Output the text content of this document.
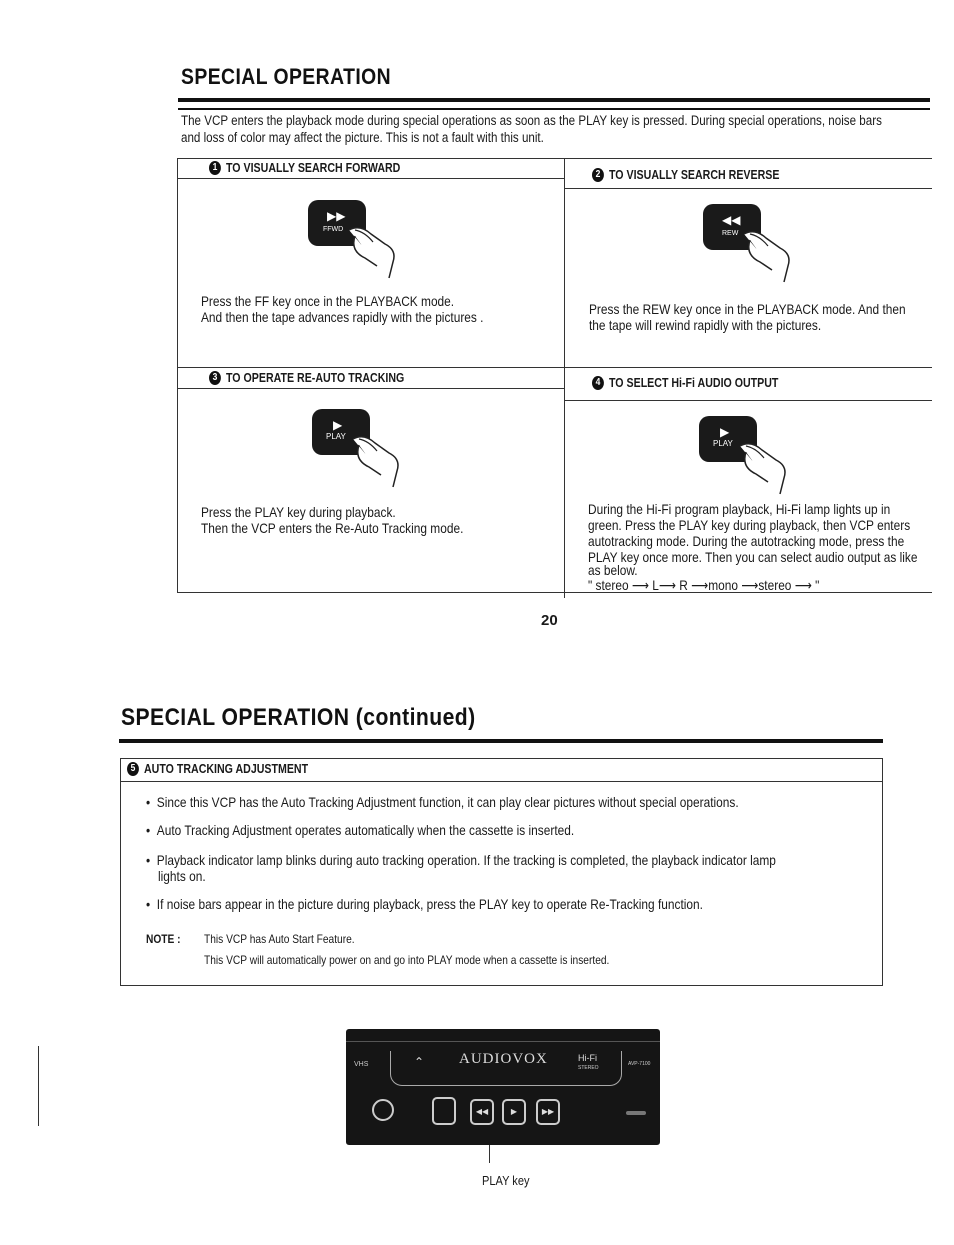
SPECIAL OPERATION
The VCP enters the playback mode during special operations as soon as the PLAY key is pressed. During special operations, noise bars
and loss of color may affect the picture. This is not a fault with this unit.
1 TO VISUALLY SEARCH FORWARD
▶▶
FFWD
Press the FF key once in the PLAYBACK mode.
And then the tape advances rapidly with the pictures .
2 TO VISUALLY SEARCH REVERSE
◀◀
REW
Press the REW key once in the PLAYBACK mode. And then
the tape will rewind rapidly with the pictures.
3 TO OPERATE RE-AUTO TRACKING
▶
PLAY
Press the PLAY key during playback.
Then the VCP enters the Re-Auto Tracking mode.
4 TO SELECT Hi-Fi AUDIO OUTPUT
▶
PLAY
During the Hi-Fi program playback, Hi-Fi lamp lights up in
green. Press the PLAY key during playback, then VCP enters
autotracking mode. During the autotracking mode, press the
PLAY key once more. Then you can select audio output as like
as below.
" stereo ⟶ L⟶ R ⟶mono ⟶stereo ⟶ "
20
SPECIAL OPERATION (continued)
5 AUTO TRACKING ADJUSTMENT
•  Since this VCP has the Auto Tracking Adjustment function, it can play clear pictures without special operations.
•  Auto Tracking Adjustment operates automatically when the cassette is inserted.
•  Playback indicator lamp blinks during auto tracking operation. If the tracking is completed, the playback indicator lamp
lights on.
•  If noise bars appear in the picture during playback, press the PLAY key to operate Re-Tracking function.
NOTE : This VCP has Auto Start Feature.
This VCP will automatically power on and go into PLAY mode when a cassette is inserted.
VHS	⌃ AUDIOVOX	Hi-Fi
STEREO
AVP-7100
◀◀	▶	▶▶
PLAY key
